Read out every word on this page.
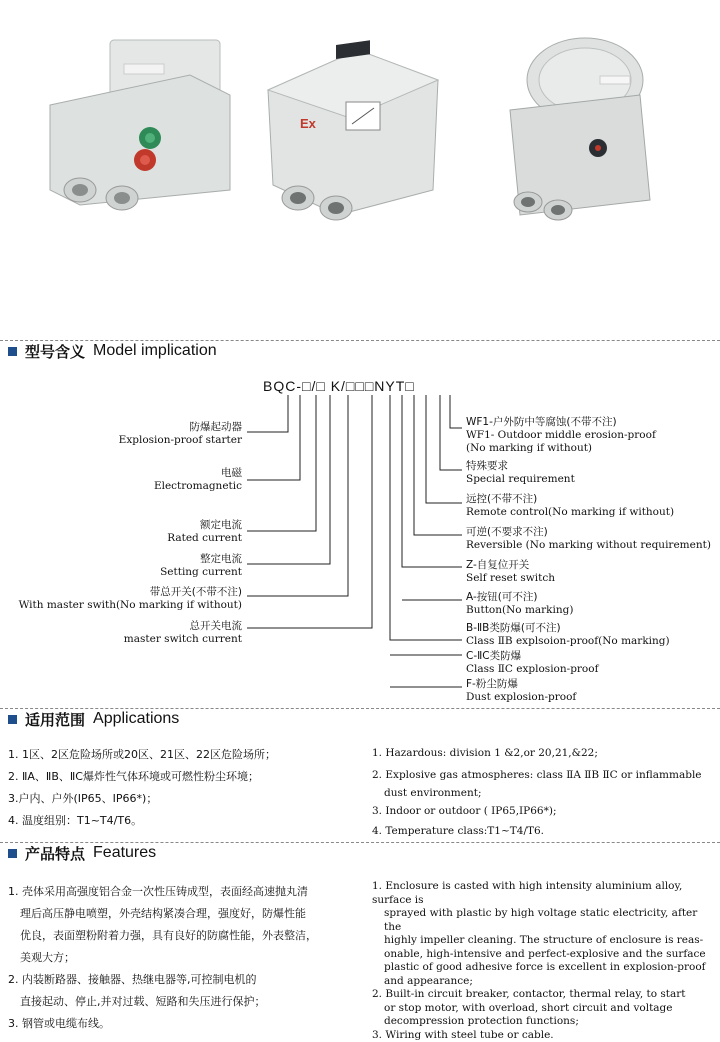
Ex
型号含义 Model implication
BQC-□/□ K/□□□NYT□
防爆起动器
Explosion-proof starter
电磁
Electromagnetic
额定电流
Rated current
整定电流
Setting current
带总开关(不带不注)
With master swith(No marking if without)
总开关电流
master switch current
WF1-户外防中等腐蚀(不带不注)
WF1- Outdoor middle erosion-proof
(No marking if without)
特殊要求
Special requirement
远控(不带不注)
Remote control(No marking if without)
可逆(不要求不注)
Reversible (No marking without requirement)
Z-自复位开关
Self reset switch
A-按钮(可不注)
Button(No marking)
B-ⅡB类防爆(可不注)
Class ⅡB explsoion-proof(No marking)
C-ⅡC类防爆
Class ⅡC explosion-proof
F-粉尘防爆
Dust explosion-proof
适用范围 Applications
1. 1区、2区危险场所或20区、21区、22区危险场所；
2. ⅡA、ⅡB、ⅡC爆炸性气体环境或可燃性粉尘环境；
3.户内、户外(IP65、IP66*)；
4. 温度组别：T1~T4/T6。
1. Hazardous: division 1 &2,or 20,21,&22;
2. Explosive gas atmospheres: class ⅡA ⅡB ⅡC or inflammable
dust environment;
3. Indoor or outdoor ( IP65,IP66*);
4. Temperature class:T1~T4/T6.
产品特点 Features
1. 壳体采用高强度铝合金一次性压铸成型，表面经高速抛丸清
理后高压静电喷塑，外壳结构紧凑合理，强度好，防爆性能
优良，表面塑粉附着力强，具有良好的防腐性能，外表整洁，
美观大方；
2. 内装断路器、接触器、热继电器等,可控制电机的
直接起动、停止,并对过载、短路和失压进行保护；
3. 钢管或电缆布线。
1. Enclosure is casted with high intensity aluminium alloy, surface is
sprayed with plastic by high voltage static electricity, after the
highly impeller cleaning. The structure of enclosure is reas-
onable, high-intensive and perfect-explosive and the surface
plastic of good adhesive force is excellent in explosion-proof
and appearance;
2. Built-in circuit breaker, contactor, thermal relay, to start
or stop motor, with overload, short circuit and voltage
decompression protection functions;
3. Wiring with steel tube or cable.
